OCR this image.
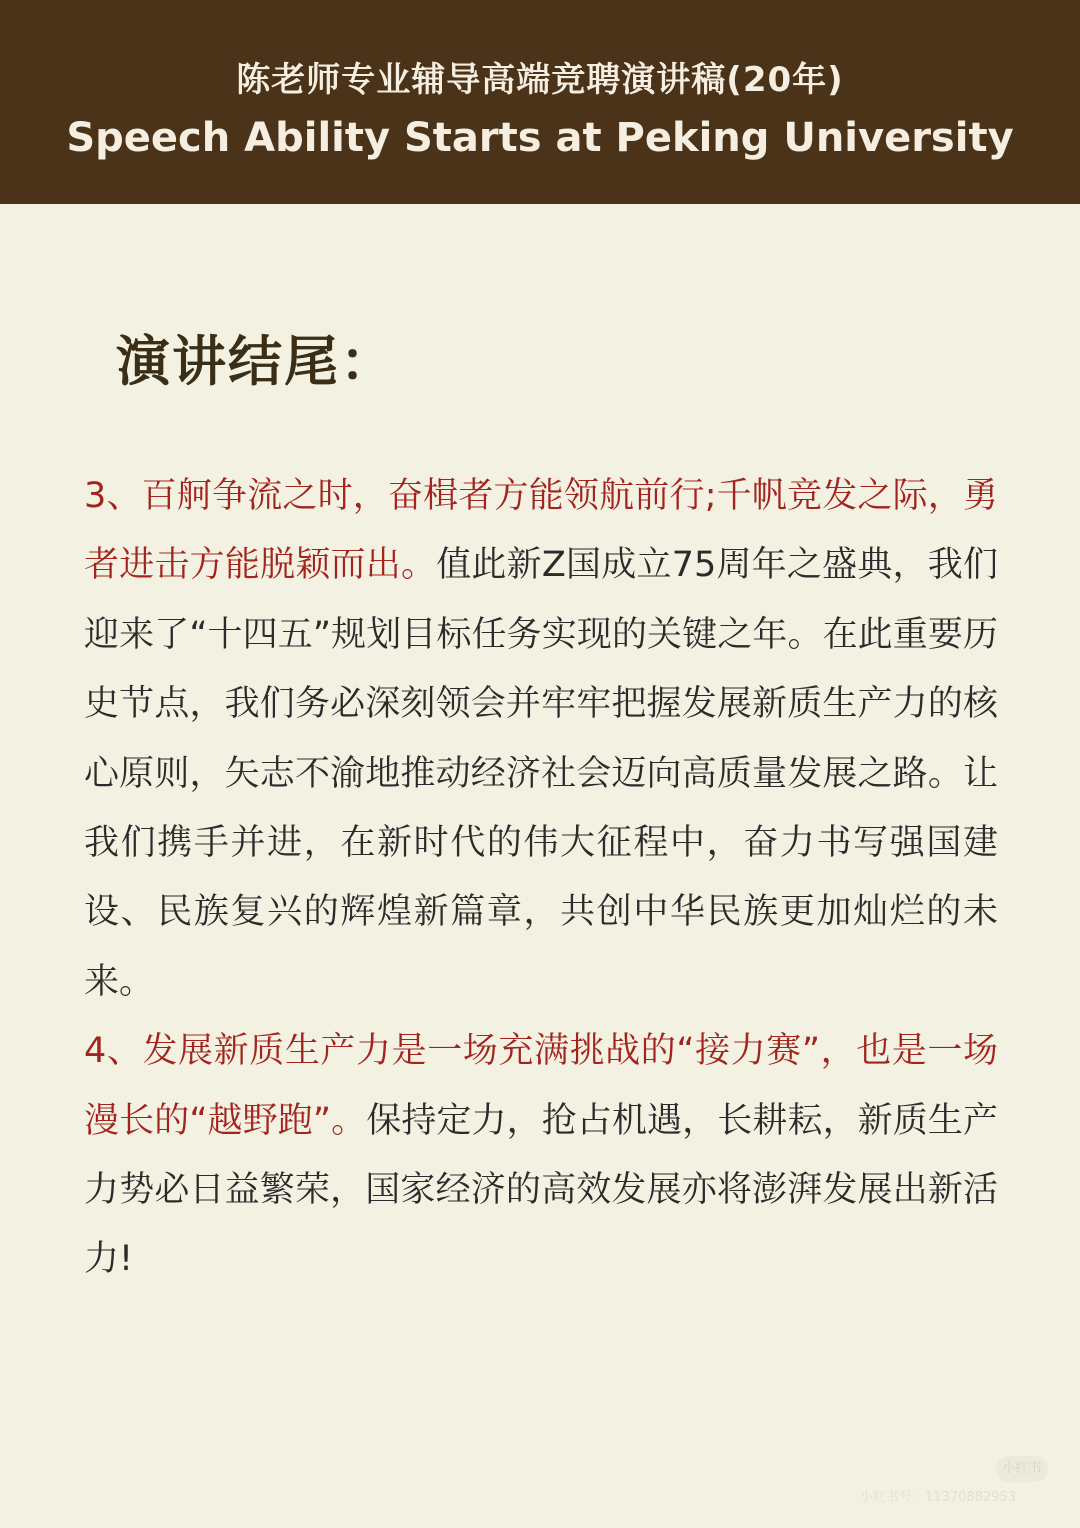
陈老师专业辅导高端竞聘演讲稿(20年)
Speech Ability Starts at Peking University
演讲结尾：

3、百舸争流之时，奋楫者方能领航前行;千帆竞发之际，勇者进击方能脱颖而出。值此新Z国成立75周年之盛典，我们迎来了“十四五”规划目标任务实现的关键之年。在此重要历史节点，我们务必深刻领会并牢牢把握发展新质生产力的核心原则，矢志不渝地推动经济社会迈向高质量发展之路。让我们携手并进，在新时代的伟大征程中，奋力书写强国建设、民族复兴的辉煌新篇章，共创中华民族更加灿烂的未来。

4、发展新质生产力是一场充满挑战的“接力赛”，也是一场漫长的“越野跑”。保持定力，抢占机遇，长耕耘，新质生产力势必日益繁荣，国家经济的高效发展亦将澎湃发展出新活力!

小红书
小红书号：11370882953
